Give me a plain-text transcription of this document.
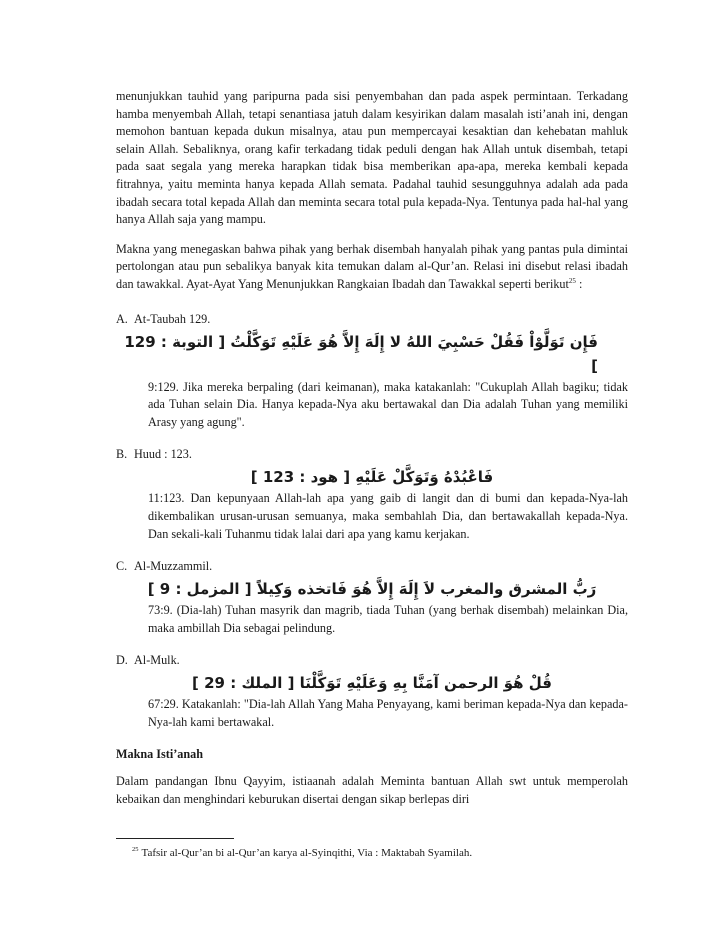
menunjukkan tauhid yang paripurna pada sisi penyembahan dan pada aspek permintaan. Terkadang hamba menyembah Allah, tetapi senantiasa jatuh dalam kesyirikan dalam masalah isti’anah ini, dengan memohon bantuan kepada dukun misalnya, atau pun mempercayai kesaktian dan kehebatan mahluk selain Allah. Sebaliknya, orang kafir terkadang tidak peduli dengan hak Allah untuk disembah, tetapi pada saat segala yang mereka harapkan tidak bisa memberikan apa-apa, mereka kembali kepada fitrahnya, yaitu meminta hanya kepada Allah semata. Padahal tauhid sesungguhnya adalah ada pada ibadah secara total kepada Allah dan meminta secara total pula kepada-Nya. Tentunya pada hal-hal yang hanya Allah saja yang mampu.

Makna yang menegaskan bahwa pihak yang berhak disembah hanyalah pihak yang pantas pula dimintai pertolongan atau pun sebalikya banyak kita temukan dalam al-Qur’an. Relasi ini disebut relasi ibadah dan tawakkal. Ayat-Ayat Yang Menunjukkan Rangkaian Ibadah dan Tawakkal seperti berikut$^{25}$ :

A. At-Taubah 129.
فَإِن تَوَلَّوْاْ فَقُلْ حَسْبِيَ اللهُ لا إِلَهَ إِلاَّ هُوَ عَلَيْهِ تَوَكَّلْتُ [ التوبة : 129 ]

9:129. Jika mereka berpaling (dari keimanan), maka katakanlah: "Cukuplah Allah bagiku; tidak ada Tuhan selain Dia. Hanya kepada-Nya aku bertawakal dan Dia adalah Tuhan yang memiliki Arasy yang agung".

B. Huud : 123.
فَاعْبُدْهُ وَتَوَكَّلْ عَلَيْهِ [ هود : 123 ]

11:123. Dan kepunyaan Allah-lah apa yang gaib di langit dan di bumi dan kepada-Nya-lah dikembalikan urusan-urusan semuanya, maka sembahlah Dia, dan bertawakallah kepada-Nya. Dan sekali-kali Tuhanmu tidak lalai dari apa yang kamu kerjakan.

C. Al-Muzzammil.
رَبُّ المشرق والمغرب لاَ إِلَهَ إِلاَّ هُوَ فَاتخذه وَكِيلاً [ المزمل : 9 ]

73:9. (Dia-lah) Tuhan masyrik dan magrib, tiada Tuhan (yang berhak disembah) melainkan Dia, maka ambillah Dia sebagai pelindung.

D. Al-Mulk.
قُلْ هُوَ الرحمن آمَنَّا بِهِ وَعَلَيْهِ تَوَكَّلْنَا [ الملك : 29 ]

67:29. Katakanlah: "Dia-lah Allah Yang Maha Penyayang, kami beriman kepada-Nya dan kepada-Nya-lah kami bertawakal.

Makna Isti’anah

Dalam pandangan Ibnu Qayyim, istiaanah adalah Meminta bantuan Allah swt untuk memperolah kebaikan dan menghindari keburukan disertai dengan sikap berlepas diri

$^{25}$ Tafsir al-Qur’an bi al-Qur’an karya al-Syinqithi, Via : Maktabah Syamilah.
